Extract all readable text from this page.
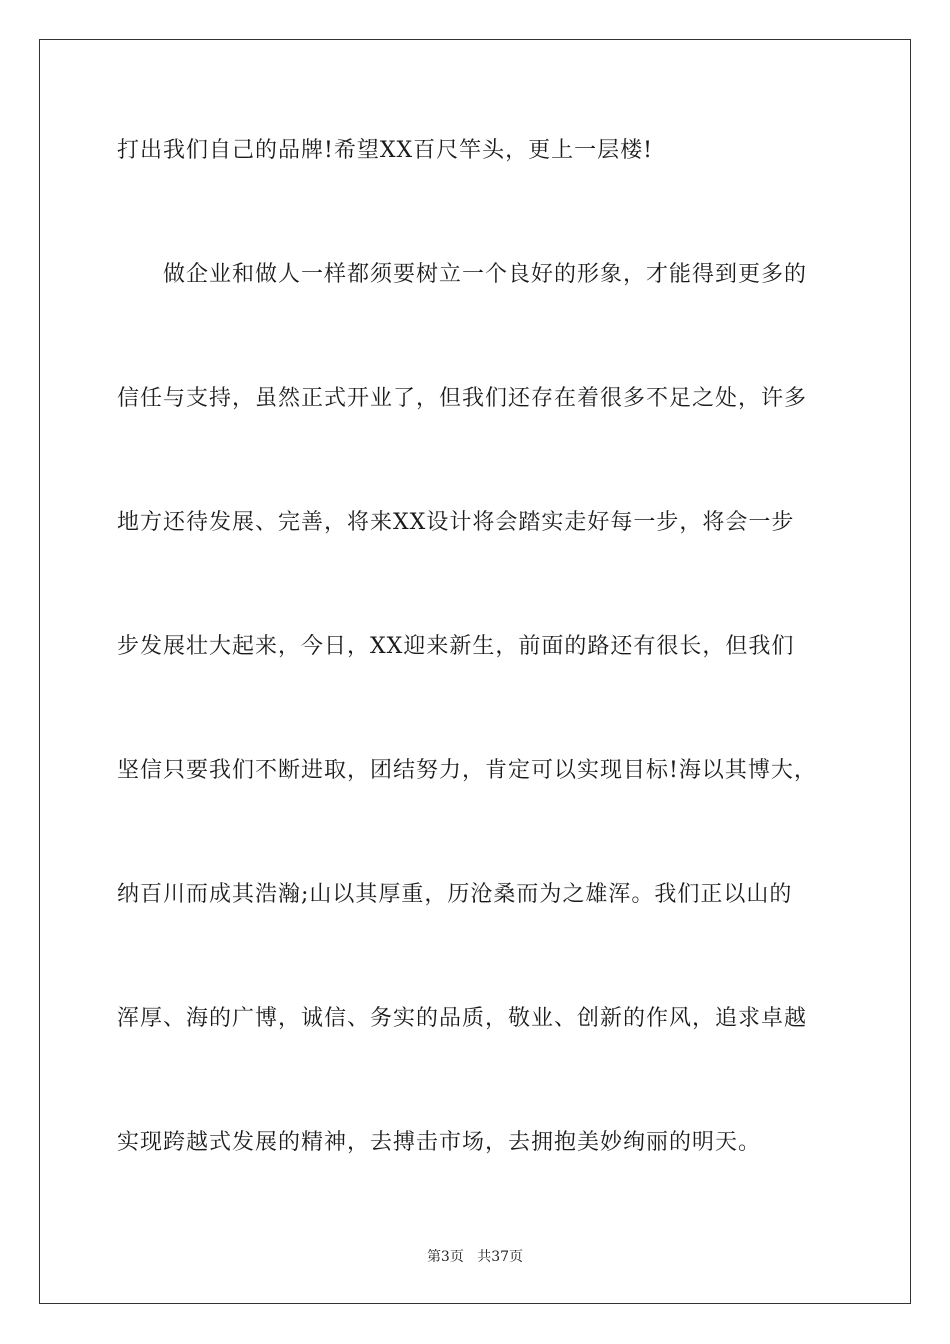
打出我们自己的品牌!希望XX百尺竿头，更上一层楼!
做企业和做人一样都须要树立一个良好的形象，才能得到更多的
信任与支持，虽然正式开业了，但我们还存在着很多不足之处，许多
地方还待发展、完善，将来XX设计将会踏实走好每一步，将会一步
步发展壮大起来，今日，XX迎来新生，前面的路还有很长，但我们
坚信只要我们不断进取，团结努力，肯定可以实现目标!海以其博大，
纳百川而成其浩瀚;山以其厚重，历沧桑而为之雄浑。我们正以山的
浑厚、海的广博，诚信、务实的品质，敬业、创新的作风，追求卓越
实现跨越式发展的精神，去搏击市场，去拥抱美妙绚丽的明天。
第3页 共37页
